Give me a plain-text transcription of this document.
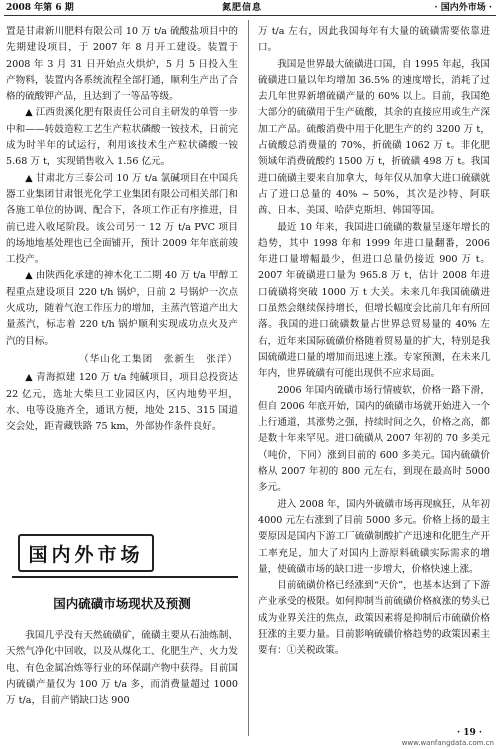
2008 年第 6 期	氮肥信息	· 国内外市场 ·

置是甘肃新川肥料有限公司 10 万 t/a 硫酸盐项目中的先期建设项目，于 2007 年 8 月开工建设。装置于 2008 年 3 月 31 日开始点火烘炉，5 月 5 日投入生产物料，装置内各系统流程全部打通，顺利生产出了合格的硫酸钾产品，且达到了一等品等级。

▲ 江西贵溪化肥有限责任公司自主研发的单管一步中和——转鼓造粒工艺生产粒状磷酸一铵技术，日前完成为时半年的试运行，利用该技术生产粒状磷酸一铵 5.68 万 t，实现销售收入 1.56 亿元。

▲ 甘肃北方三泰公司 10 万 t/a 氯碱项目在中国兵器工业集团甘肃银光化学工业集团有限公司相关部门和各施工单位的协调、配合下，各项工作正有序推进，目前已进入收尾阶段。该公司另一 12 万 t/a PVC 项目的场地地基处理也已全面铺开，预计 2009 年年底前竣工投产。

▲ 由陕西化承建的神木化工二期 40 万 t/a 甲醇工程重点建设项目 220 t/h 锅炉，日前 2 号锅炉一次点火成功，随着气泡工作压力的增加，主蒸汽管道产出大量蒸汽，标志着 220 t/h 锅炉顺利实现成功点火及产汽的目标。

（华山化工集团　张新生　张洋）

▲ 青海拟建 120 万 t/a 纯碱项目，项目总投资达 22 亿元，选址大柴旦工业园区内，区内地势平坦，水、电等设施齐全，通讯方便，地处 215、315 国道交会处，距青藏铁路 75 km，外部协作条件良好。

国内外市场
国内硫磺市场现状及预测

我国几乎没有天然硫磺矿，硫磺主要从石油炼制、天然气净化中回收，以及从煤化工、化肥生产、火力发电、有色金属冶炼等行业的环保副产物中获得。目前国内硫磺产量仅为 100 万 t/a 多，而消费量超过 1000 万 t/a，目前产销缺口达 900

万 t/a 左右，因此我国每年有大量的硫磺需要依靠进口。

我国是世界最大硫磺进口国，自 1995 年起，我国硫磺进口量以年均增加 36.5% 的速度增长，消耗了过去几年世界新增硫磺产量的 60% 以上。目前，我国绝大部分的硫磺用于生产硫酸，其余的直接应用或生产深加工产品。硫酸消费中用于化肥生产的约 3200 万 t，占硫酸总消费量的 70%，折硫磺 1062 万 t。非化肥领域年消费硫酸约 1500 万 t，折硫磺 498 万 t。我国进口硫磺主要来自加拿大，每年仅从加拿大进口硫磺就占了进口总量的 40% ~ 50%，其次是沙特、阿联酋、日本、美国、哈萨克斯坦、韩国等国。

最近 10 年来，我国进口硫磺的数量呈逐年增长的趋势，其中 1998 年和 1999 年进口量翻番，2006 年进口量增幅最少，但进口总量仍接近 900 万 t。2007 年硫磺进口量为 965.8 万 t，估计 2008 年进口硫磺将突破 1000 万 t 大关。未来几年我国硫磺进口虽然会继续保持增长，但增长幅度会比前几年有所回落。我国的进口硫磺数量占世界总贸易量的 40% 左右，近年来国际硫磺价格随着贸易量的扩大，特别是我国硫磺进口量的增加而迅速上涨。专家预测，在未来几年内，世界硫磺有可能出现供不应求局面。

2006 年国内硫磺市场行情疲软，价格一路下滑，但自 2006 年底开始，国内的硫磺市场就开始进入一个上行通道，其涨势之强，持续时间之久，价格之高，都是数十年来罕见。进口硫磺从 2007 年初的 70 多美元（吨价，下同）涨到目前的 600 多美元。国内硫磺价格从 2007 年初的 800 元左右，到现在最高时 5000 多元。

进入 2008 年，国内外硫磺市场再现疯狂，从年初 4000 元左右涨到了目前 5000 多元。价格上扬的最主要原因是国内下游工厂硫磺制酸扩产迅速和化肥生产开工率充足，加大了对国内上游原料硫磺实际需求的增量，使硫磺市场的缺口进一步增大，价格快速上涨。

目前硫磺价格已经涨到“天价”，也基本达到了下游产业承受的极限。如何抑制当前硫磺价格疯涨的势头已成为业界关注的焦点，政策因素将是抑制后市硫磺价格狂涨的主要力量。目前影响硫磺价格趋势的政策因素主要有：①关税政策。

· 19 ·
www.wanfangdata.com.cn
